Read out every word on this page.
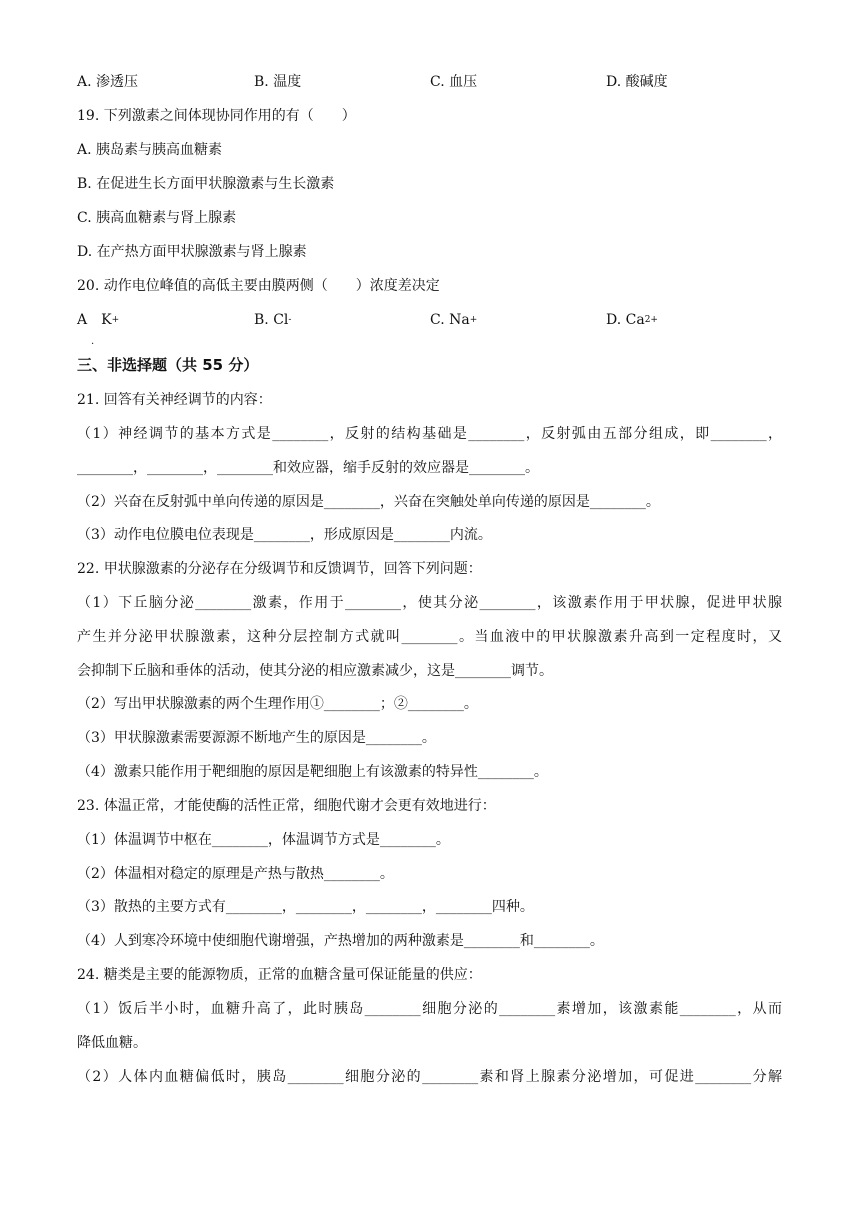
A. 渗透压	B. 温度	C. 血压	D. 酸碱度
19. 下列激素之间体现协同作用的有（　　）
A. 胰岛素与胰高血糖素
B. 在促进生长方面甲状腺激素与生长激素
C. 胰高血糖素与肾上腺素
D. 在产热方面甲状腺激素与肾上腺素
20. 动作电位峰值的高低主要由膜两侧（　　）浓度差决定
A　K+	B. Cl-	C. Na+	D. $Ca^{2+}$
.
三、非选择题（共 55 分）
21. 回答有关神经调节的内容：
（1）神经调节的基本方式是________，反射的结构基础是________，反射弧由五部分组成，即________，
________，________，________和效应器，缩手反射的效应器是________。
（2）兴奋在反射弧中单向传递的原因是________，兴奋在突触处单向传递的原因是________。
（3）动作电位膜电位表现是________，形成原因是________内流。
22. 甲状腺激素的分泌存在分级调节和反馈调节，回答下列问题：
（1）下丘脑分泌________激素，作用于________，使其分泌________，该激素作用于甲状腺，促进甲状腺
产生并分泌甲状腺激素，这种分层控制方式就叫________。当血液中的甲状腺激素升高到一定程度时，又
会抑制下丘脑和垂体的活动，使其分泌的相应激素减少，这是________调节。
（2）写出甲状腺激素的两个生理作用①________；②________。
（3）甲状腺激素需要源源不断地产生的原因是________。
（4）激素只能作用于靶细胞的原因是靶细胞上有该激素的特异性________。
23. 体温正常，才能使酶的活性正常，细胞代谢才会更有效地进行：
（1）体温调节中枢在________，体温调节方式是________。
（2）体温相对稳定的原理是产热与散热________。
（3）散热的主要方式有________，________，________，________四种。
（4）人到寒冷环境中使细胞代谢增强，产热增加的两种激素是________和________。
24. 糖类是主要的能源物质，正常的血糖含量可保证能量的供应：
（1）饭后半小时，血糖升高了，此时胰岛________细胞分泌的________素增加，该激素能________，从而
降低血糖。
（2）人体内血糖偏低时，胰岛________细胞分泌的________素和肾上腺素分泌增加，可促进________分解
